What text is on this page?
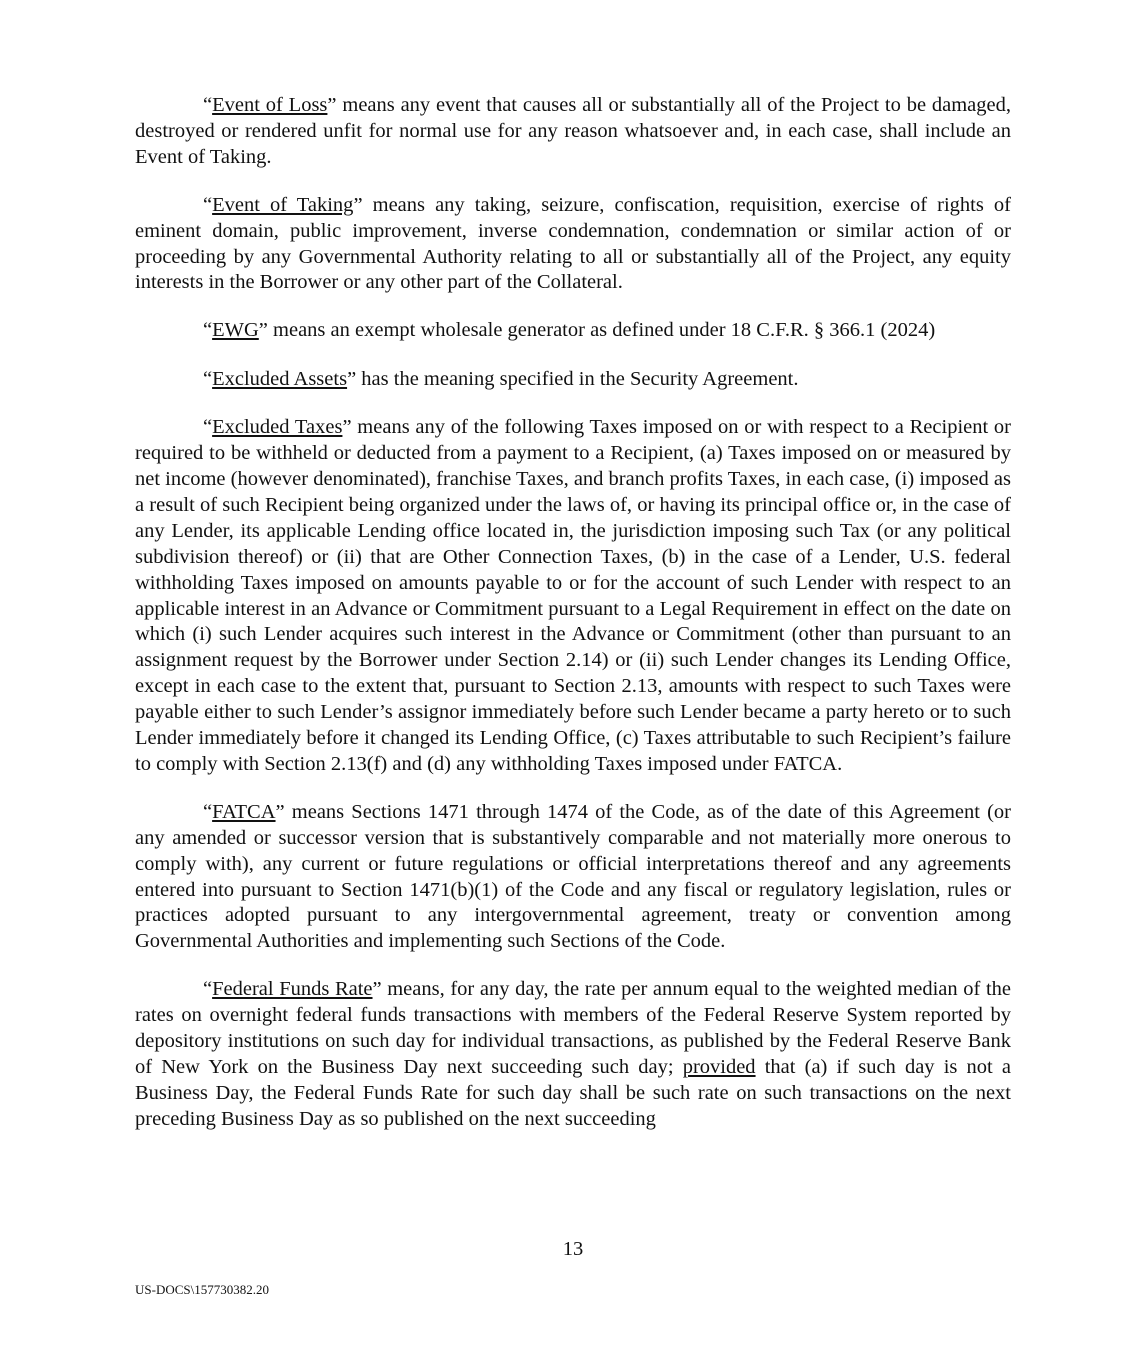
“Event of Loss” means any event that causes all or substantially all of the Project to be damaged, destroyed or rendered unfit for normal use for any reason whatsoever and, in each case, shall include an Event of Taking.

“Event of Taking” means any taking, seizure, confiscation, requisition, exercise of rights of eminent domain, public improvement, inverse condemnation, condemnation or similar action of or proceeding by any Governmental Authority relating to all or substantially all of the Project, any equity interests in the Borrower or any other part of the Collateral.

“EWG” means an exempt wholesale generator as defined under 18 C.F.R. § 366.1 (2024)

“Excluded Assets” has the meaning specified in the Security Agreement.

“Excluded Taxes” means any of the following Taxes imposed on or with respect to a Recipient or required to be withheld or deducted from a payment to a Recipient, (a) Taxes imposed on or measured by net income (however denominated), franchise Taxes, and branch profits Taxes, in each case, (i) imposed as a result of such Recipient being organized under the laws of, or having its principal office or, in the case of any Lender, its applicable Lending office located in, the jurisdiction imposing such Tax (or any political subdivision thereof) or (ii) that are Other Connection Taxes, (b) in the case of a Lender, U.S. federal withholding Taxes imposed on amounts payable to or for the account of such Lender with respect to an applicable interest in an Advance or Commitment pursuant to a Legal Requirement in effect on the date on which (i) such Lender acquires such interest in the Advance or Commitment (other than pursuant to an assignment request by the Borrower under Section 2.14) or (ii) such Lender changes its Lending Office, except in each case to the extent that, pursuant to Section 2.13, amounts with respect to such Taxes were payable either to such Lender’s assignor immediately before such Lender became a party hereto or to such Lender immediately before it changed its Lending Office, (c) Taxes attributable to such Recipient’s failure to comply with Section 2.13(f) and (d) any withholding Taxes imposed under FATCA.

“FATCA” means Sections 1471 through 1474 of the Code, as of the date of this Agreement (or any amended or successor version that is substantively comparable and not materially more onerous to comply with), any current or future regulations or official interpretations thereof and any agreements entered into pursuant to Section 1471(b)(1) of the Code and any fiscal or regulatory legislation, rules or practices adopted pursuant to any intergovernmental agreement, treaty or convention among Governmental Authorities and implementing such Sections of the Code.

“Federal Funds Rate” means, for any day, the rate per annum equal to the weighted median of the rates on overnight federal funds transactions with members of the Federal Reserve System reported by depository institutions on such day for individual transactions, as published by the Federal Reserve Bank of New York on the Business Day next succeeding such day; provided that (a) if such day is not a Business Day, the Federal Funds Rate for such day shall be such rate on such transactions on the next preceding Business Day as so published on the next succeeding

13
US-DOCS\157730382.20
